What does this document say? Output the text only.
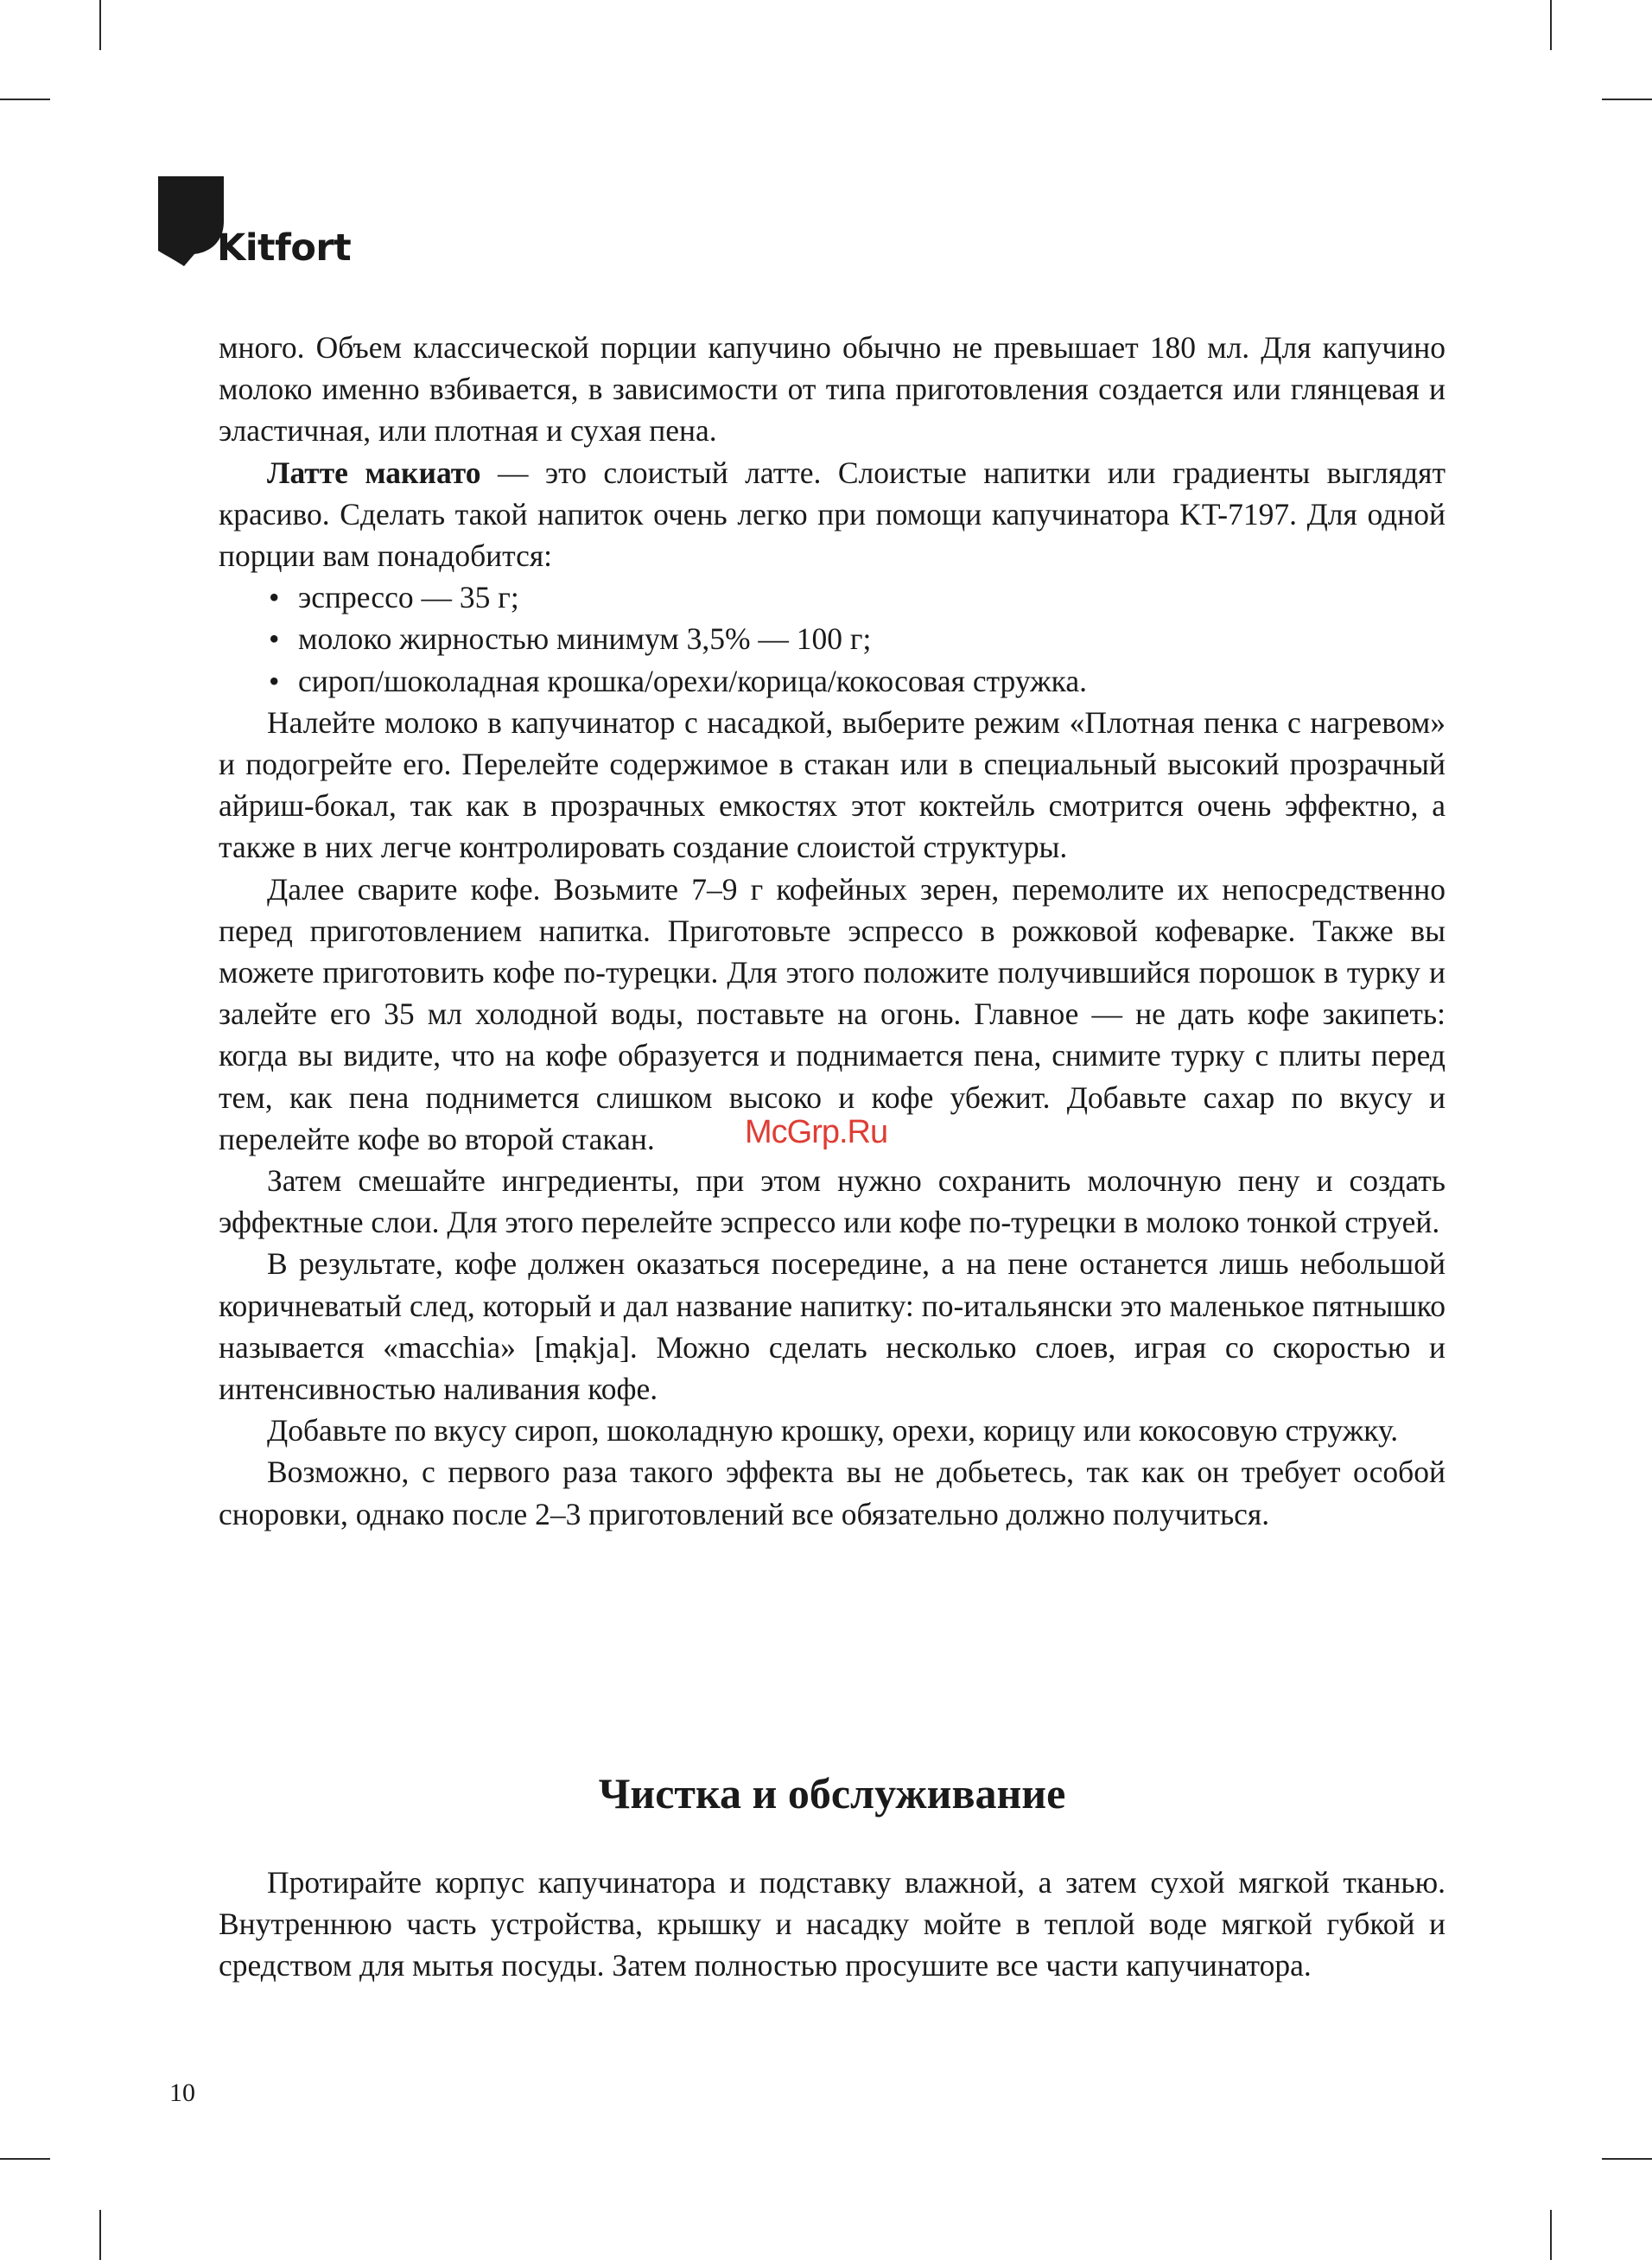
Kitfort

много. Объем классической порции капучино обычно не превышает 180 мл. Для капучино молоко именно взбивается, в зависимости от типа приготовления создается или глянцевая и эластичная, или плотная и сухая пена.

Латте макиато — это слоистый латте. Слоистые напитки или градиенты выглядят красиво. Сделать такой напиток очень легко при помощи капучинатора KT-7197. Для одной порции вам понадобится:

• эспрессо — 35 г;
• молоко жирностью минимум 3,5% — 100 г;
• сироп/шоколадная крошка/орехи/корица/кокосовая стружка.

Налейте молоко в капучинатор с насадкой, выберите режим «Плотная пенка с нагревом» и подогрейте его. Перелейте содержимое в стакан или в специальный высокий прозрачный айриш-бокал, так как в прозрачных емкостях этот коктейль смотрится очень эффектно, а также в них легче контролировать создание слоистой структуры.

Далее сварите кофе. Возьмите 7–9 г кофейных зерен, перемолите их непосредственно перед приготовлением напитка. Приготовьте эспрессо в рожковой кофеварке. Также вы можете приготовить кофе по-турецки. Для этого положите получившийся порошок в турку и залейте его 35 мл холодной воды, поставьте на огонь. Главное — не дать кофе закипеть: когда вы видите, что на кофе образуется и поднимается пена, снимите турку с плиты перед тем, как пена поднимется слишком высоко и кофе убежит. Добавьте сахар по вкусу и перелейте кофе во второй стакан.

Затем смешайте ингредиенты, при этом нужно сохранить молочную пену и создать эффектные слои. Для этого перелейте эспрессо или кофе по-турецки в молоко тонкой струей.

В результате, кофе должен оказаться посередине, а на пене останется лишь небольшой коричневатый след, который и дал название напитку: по-итальянски это маленькое пятнышко называется «macchia» [mạkja]. Можно сделать несколько слоев, играя со скоростью и интенсивностью наливания кофе.

Добавьте по вкусу сироп, шоколадную крошку, орехи, корицу или кокосовую стружку.

Возможно, с первого раза такого эффекта вы не добьетесь, так как он требует особой сноровки, однако после 2–3 приготовлений все обязательно должно получиться.

McGrp.Ru
Чистка и обслуживание

Протирайте корпус капучинатора и подставку влажной, а затем сухой мягкой тканью. Внутреннюю часть устройства, крышку и насадку мойте в теплой воде мягкой губкой и средством для мытья посуды. Затем полностью просушите все части капучинатора.

10
